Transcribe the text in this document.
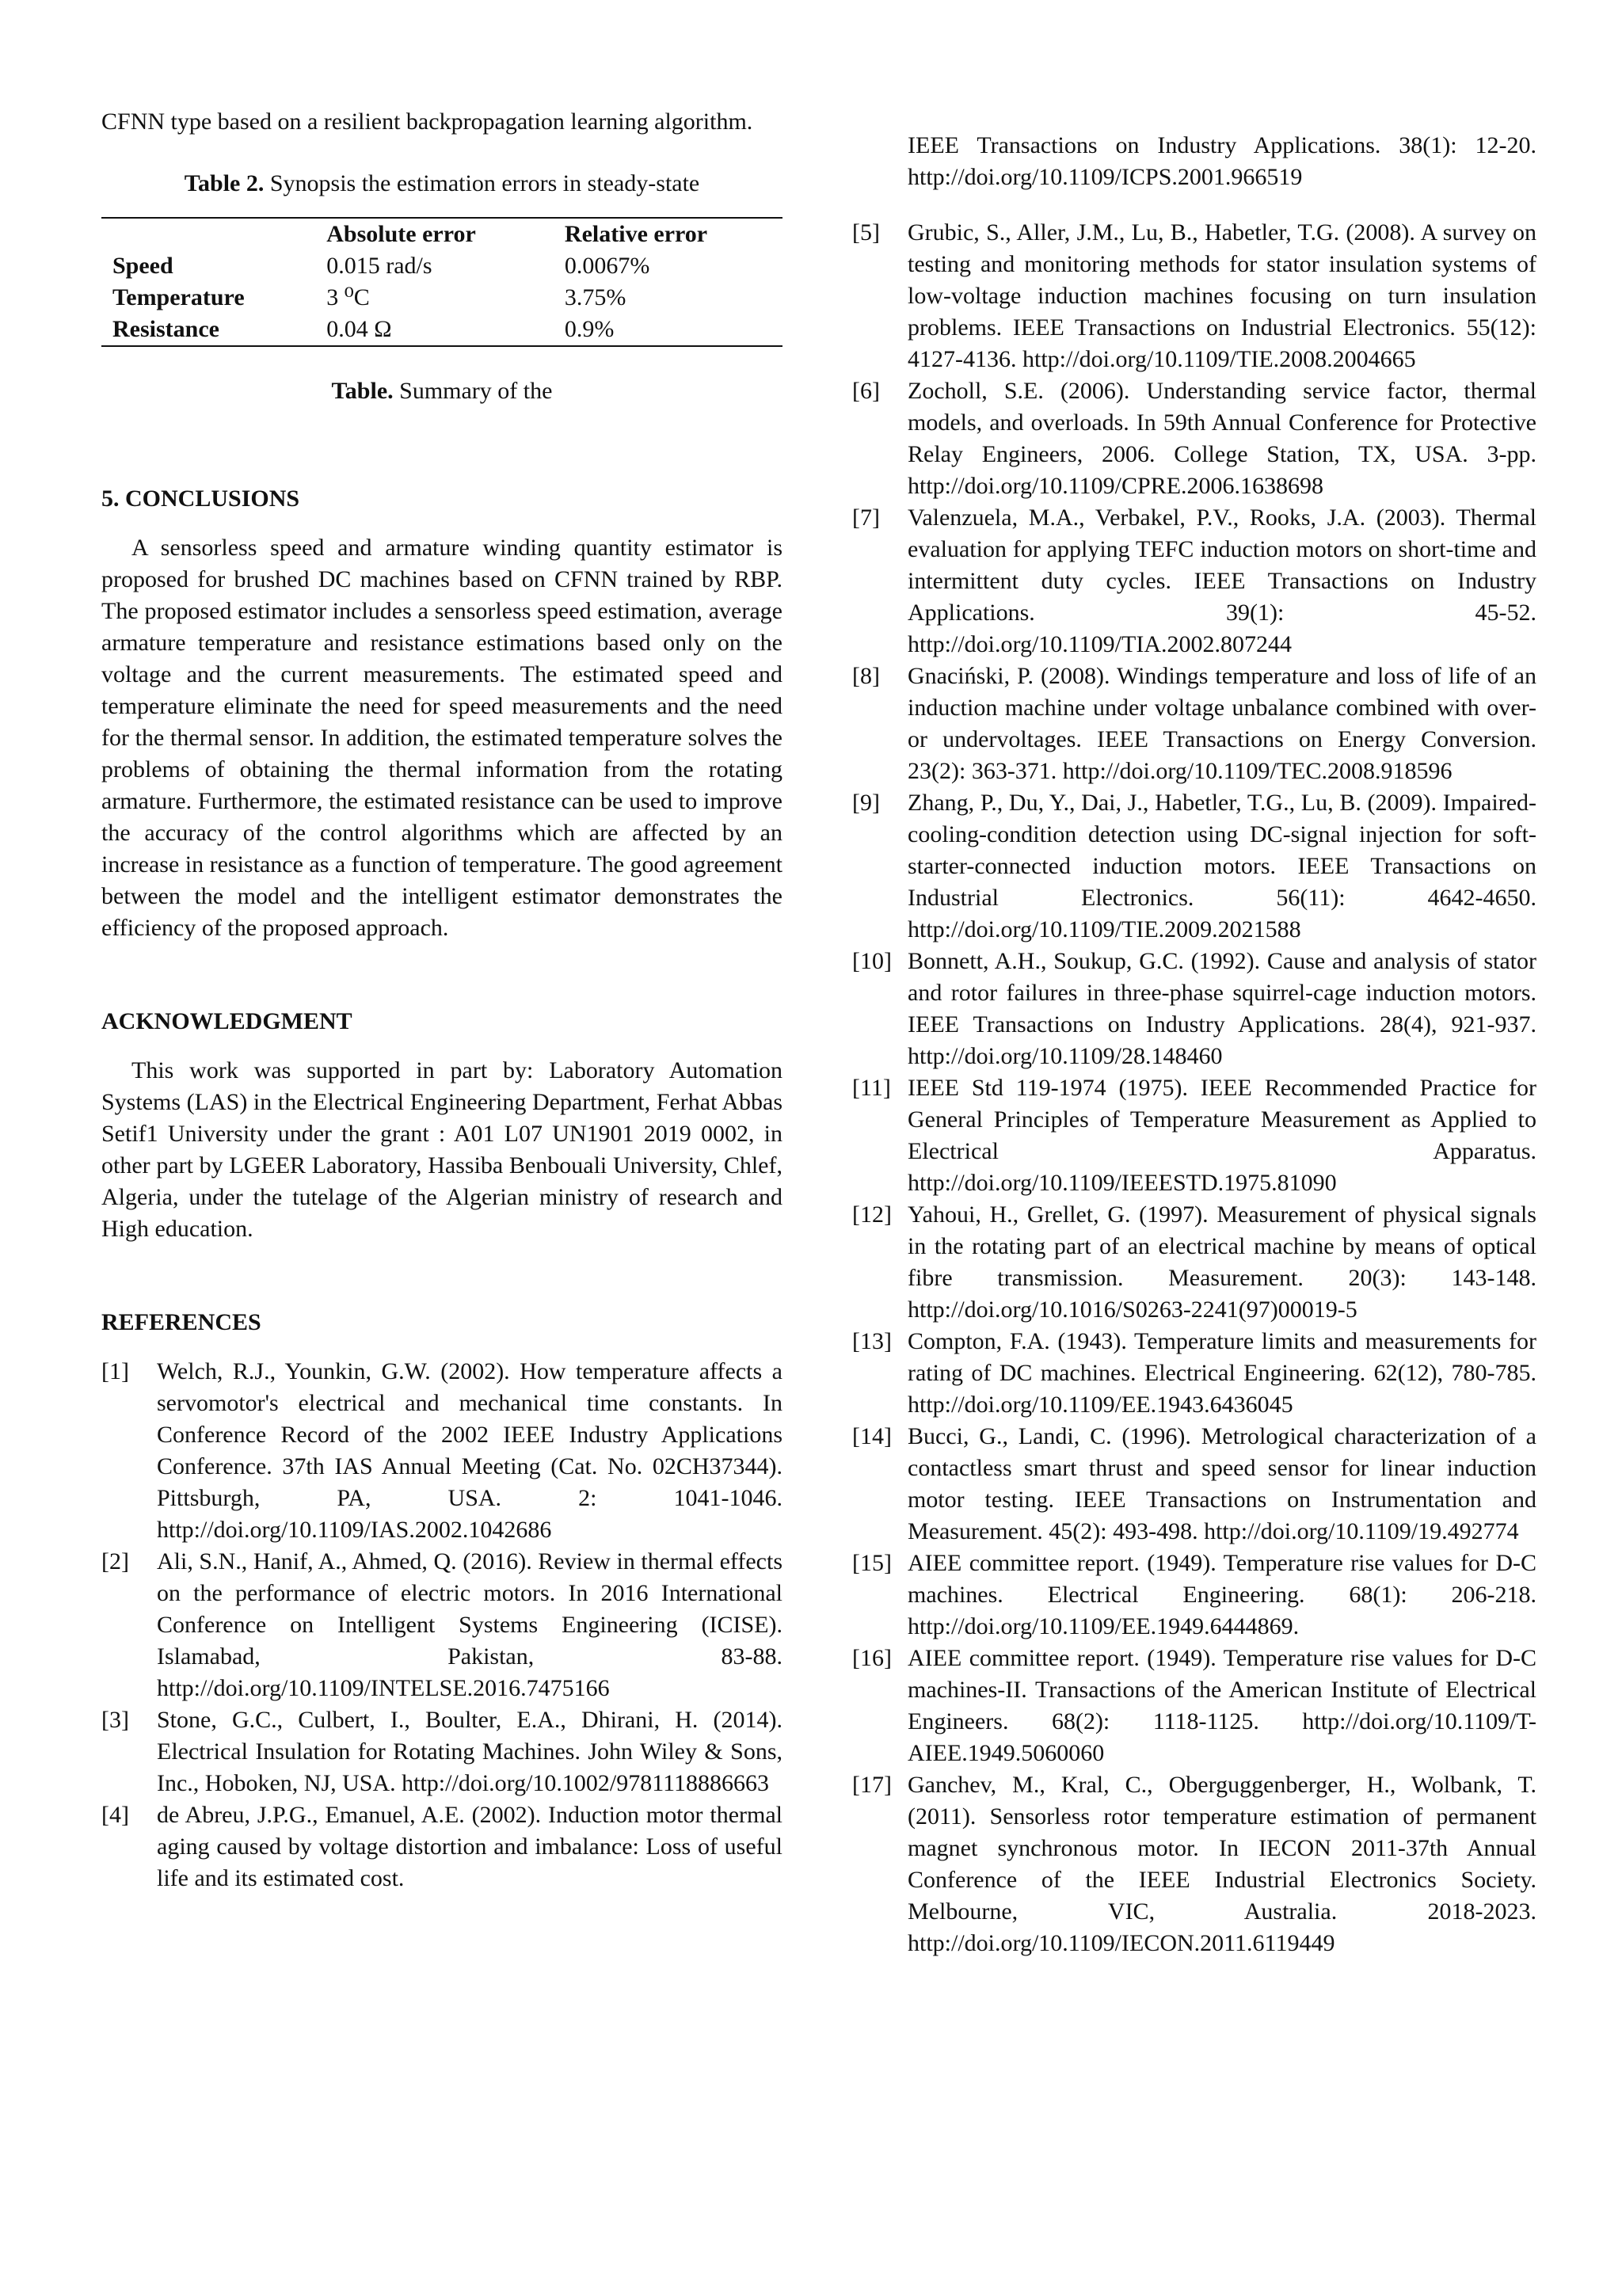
CFNN type based on a resilient backpropagation learning algorithm.

Table 2. Synopsis the estimation errors in steady-state

	Absolute error	Relative error
Speed	0.015 rad/s	0.0067%
Temperature	3 ⁰C	3.75%
Resistance	0.04 Ω	0.9%

Table. Summary of the

5. CONCLUSIONS

A sensorless speed and armature winding quantity estimator is proposed for brushed DC machines based on CFNN trained by RBP. The proposed estimator includes a sensorless speed estimation, average armature temperature and resistance estimations based only on the voltage and the current measurements. The estimated speed and temperature eliminate the need for speed measurements and the need for the thermal sensor. In addition, the estimated temperature solves the problems of obtaining the thermal information from the rotating armature. Furthermore, the estimated resistance can be used to improve the accuracy of the control algorithms which are affected by an increase in resistance as a function of temperature. The good agreement between the model and the intelligent estimator demonstrates the efficiency of the proposed approach.

ACKNOWLEDGMENT

This work was supported in part by: Laboratory Automation Systems (LAS) in the Electrical Engineering Department, Ferhat Abbas Setif1 University under the grant : A01 L07 UN1901 2019 0002, in other part by LGEER Laboratory, Hassiba Benbouali University, Chlef, Algeria, under the tutelage of the Algerian ministry of research and High education.

REFERENCES
[1] Welch, R.J., Younkin, G.W. (2002). How temperature affects a servomotor's electrical and mechanical time constants. In Conference Record of the 2002 IEEE Industry Applications Conference. 37th IAS Annual Meeting (Cat. No. 02CH37344). Pittsburgh, PA, USA. 2: 1041-1046. http://doi.org/10.1109/IAS.2002.1042686
[2] Ali, S.N., Hanif, A., Ahmed, Q. (2016). Review in thermal effects on the performance of electric motors. In 2016 International Conference on Intelligent Systems Engineering (ICISE). Islamabad, Pakistan, 83-88. http://doi.org/10.1109/INTELSE.2016.7475166
[3] Stone, G.C., Culbert, I., Boulter, E.A., Dhirani, H. (2014). Electrical Insulation for Rotating Machines. John Wiley & Sons, Inc., Hoboken, NJ, USA. http://doi.org/10.1002/9781118886663
[4] de Abreu, J.P.G., Emanuel, A.E. (2002). Induction motor thermal aging caused by voltage distortion and imbalance: Loss of useful life and its estimated cost.

IEEE Transactions on Industry Applications. 38(1): 12-20. http://doi.org/10.1109/ICPS.2001.966519

[5] Grubic, S., Aller, J.M., Lu, B., Habetler, T.G. (2008). A survey on testing and monitoring methods for stator insulation systems of low-voltage induction machines focusing on turn insulation problems. IEEE Transactions on Industrial Electronics. 55(12): 4127-4136. http://doi.org/10.1109/TIE.2008.2004665
[6] Zocholl, S.E. (2006). Understanding service factor, thermal models, and overloads. In 59th Annual Conference for Protective Relay Engineers, 2006. College Station, TX, USA. 3-pp. http://doi.org/10.1109/CPRE.2006.1638698
[7] Valenzuela, M.A., Verbakel, P.V., Rooks, J.A. (2003). Thermal evaluation for applying TEFC induction motors on short-time and intermittent duty cycles. IEEE Transactions on Industry Applications. 39(1): 45-52. http://doi.org/10.1109/TIA.2002.807244
[8] Gnaciński, P. (2008). Windings temperature and loss of life of an induction machine under voltage unbalance combined with over-or undervoltages. IEEE Transactions on Energy Conversion. 23(2): 363-371. http://doi.org/10.1109/TEC.2008.918596
[9] Zhang, P., Du, Y., Dai, J., Habetler, T.G., Lu, B. (2009). Impaired-cooling-condition detection using DC-signal injection for soft-starter-connected induction motors. IEEE Transactions on Industrial Electronics. 56(11): 4642-4650. http://doi.org/10.1109/TIE.2009.2021588
[10] Bonnett, A.H., Soukup, G.C. (1992). Cause and analysis of stator and rotor failures in three-phase squirrel-cage induction motors. IEEE Transactions on Industry Applications. 28(4), 921-937. http://doi.org/10.1109/28.148460
[11] IEEE Std 119-1974 (1975). IEEE Recommended Practice for General Principles of Temperature Measurement as Applied to Electrical Apparatus. http://doi.org/10.1109/IEEESTD.1975.81090
[12] Yahoui, H., Grellet, G. (1997). Measurement of physical signals in the rotating part of an electrical machine by means of optical fibre transmission. Measurement. 20(3): 143-148. http://doi.org/10.1016/S0263-2241(97)00019-5
[13] Compton, F.A. (1943). Temperature limits and measurements for rating of DC machines. Electrical Engineering. 62(12), 780-785. http://doi.org/10.1109/EE.1943.6436045
[14] Bucci, G., Landi, C. (1996). Metrological characterization of a contactless smart thrust and speed sensor for linear induction motor testing. IEEE Transactions on Instrumentation and Measurement. 45(2): 493-498. http://doi.org/10.1109/19.492774
[15] AIEE committee report. (1949). Temperature rise values for D-C machines. Electrical Engineering. 68(1): 206-218. http://doi.org/10.1109/EE.1949.6444869.
[16] AIEE committee report. (1949). Temperature rise values for D-C machines-II. Transactions of the American Institute of Electrical Engineers. 68(2): 1118-1125. http://doi.org/10.1109/T-AIEE.1949.5060060
[17] Ganchev, M., Kral, C., Oberguggenberger, H., Wolbank, T. (2011). Sensorless rotor temperature estimation of permanent magnet synchronous motor. In IECON 2011-37th Annual Conference of the IEEE Industrial Electronics Society. Melbourne, VIC, Australia. 2018-2023. http://doi.org/10.1109/IECON.2011.6119449
